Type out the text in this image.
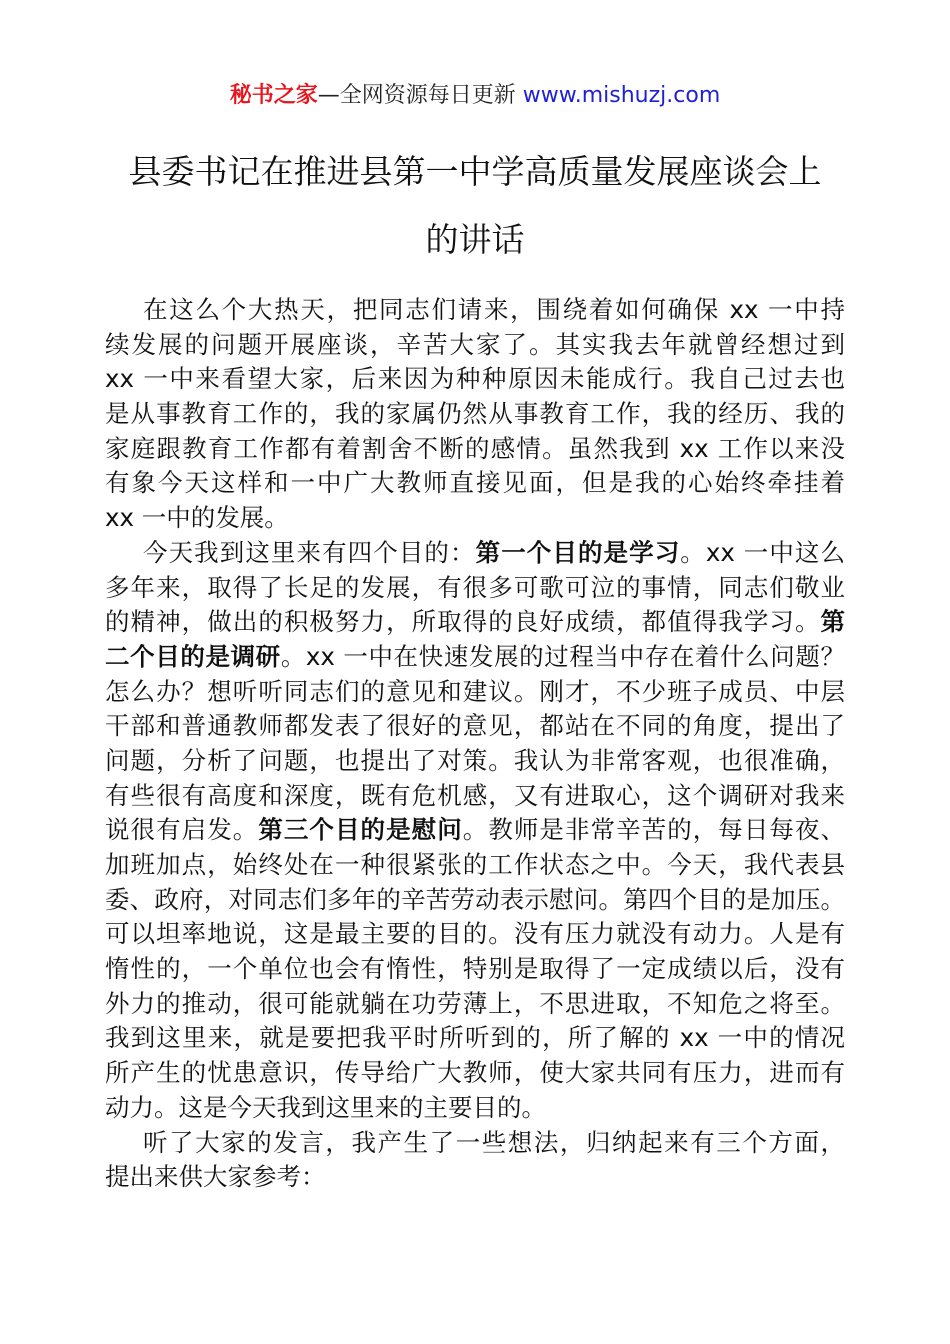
秘书之家—全网资源每日更新 www.mishuzj.com
县委书记在推进县第一中学高质量发展座谈会上
的讲话
在这么个大热天，把同志们请来，围绕着如何确保 xx 一中持
续发展的问题开展座谈，辛苦大家了。其实我去年就曾经想过到
xx 一中来看望大家，后来因为种种原因未能成行。我自己过去也
是从事教育工作的，我的家属仍然从事教育工作，我的经历、我的
家庭跟教育工作都有着割舍不断的感情。虽然我到 xx 工作以来没
有象今天这样和一中广大教师直接见面，但是我的心始终牵挂着
xx 一中的发展。
今天我到这里来有四个目的：第一个目的是学习。xx 一中这么
多年来，取得了长足的发展，有很多可歌可泣的事情，同志们敬业
的精神，做出的积极努力，所取得的良好成绩，都值得我学习。第
二个目的是调研。xx 一中在快速发展的过程当中存在着什么问题？
怎么办？想听听同志们的意见和建议。刚才，不少班子成员、中层
干部和普通教师都发表了很好的意见，都站在不同的角度，提出了
问题，分析了问题，也提出了对策。我认为非常客观，也很准确，
有些很有高度和深度，既有危机感，又有进取心，这个调研对我来
说很有启发。第三个目的是慰问。教师是非常辛苦的，每日每夜、
加班加点，始终处在一种很紧张的工作状态之中。今天，我代表县
委、政府，对同志们多年的辛苦劳动表示慰问。第四个目的是加压。
可以坦率地说，这是最主要的目的。没有压力就没有动力。人是有
惰性的，一个单位也会有惰性，特别是取得了一定成绩以后，没有
外力的推动，很可能就躺在功劳薄上，不思进取，不知危之将至。
我到这里来，就是要把我平时所听到的，所了解的 xx 一中的情况
所产生的忧患意识，传导给广大教师，使大家共同有压力，进而有
动力。这是今天我到这里来的主要目的。
听了大家的发言，我产生了一些想法，归纳起来有三个方面，
提出来供大家参考：
